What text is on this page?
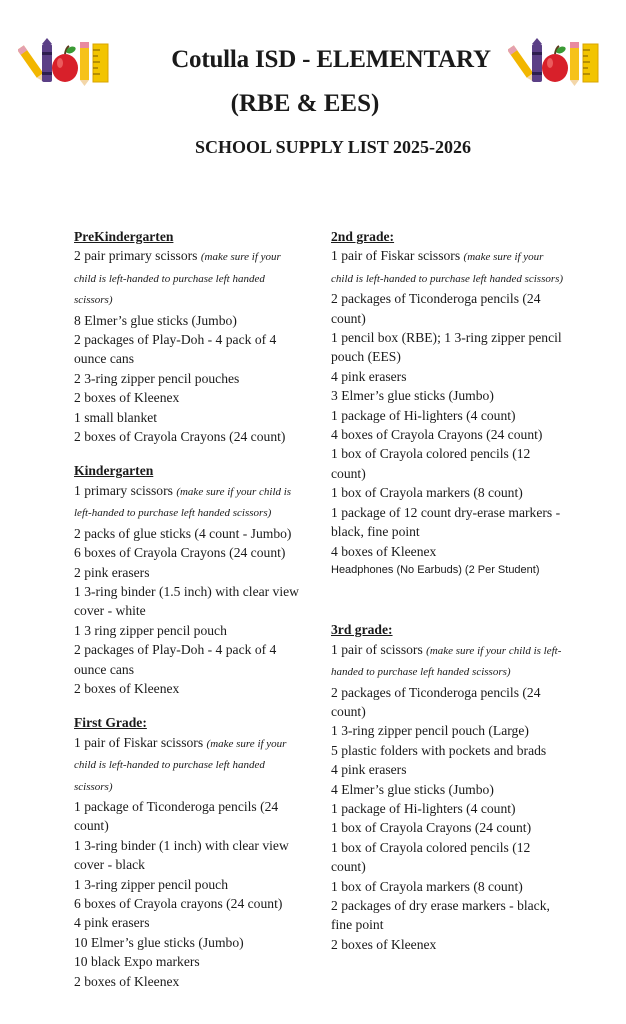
Cotulla ISD - ELEMENTARY
(RBE & EES)
SCHOOL SUPPLY LIST 2025-2026
PreKindergarten
2 pair primary scissors (make sure if your child is left-handed to purchase left handed scissors)
8 Elmer’s glue sticks (Jumbo)
2 packages of Play-Doh - 4 pack of 4 ounce cans
2 3-ring zipper pencil pouches
2 boxes of Kleenex
1 small blanket
2 boxes of Crayola Crayons (24 count)
Kindergarten
1 primary scissors (make sure if your child is left-handed to purchase left handed scissors)
2 packs of glue sticks (4 count - Jumbo)
6 boxes of Crayola Crayons (24 count)
2 pink erasers
1 3-ring binder (1.5 inch) with clear view cover - white
1 3 ring zipper pencil pouch
2 packages of Play-Doh - 4 pack of 4 ounce cans
2 boxes of Kleenex
First Grade:
1 pair of Fiskar scissors (make sure if your child is left-handed to purchase left handed scissors)
1 package of Ticonderoga pencils (24 count)
1 3-ring binder (1 inch) with clear view cover - black
1 3-ring zipper pencil pouch
6 boxes of Crayola crayons (24 count)
4 pink erasers
10 Elmer’s glue sticks (Jumbo)
10 black Expo markers
2 boxes of Kleenex
2nd grade:
1 pair of Fiskar scissors (make sure if your child is left-handed to purchase left handed scissors)
2 packages of Ticonderoga pencils (24 count)
1 pencil box (RBE); 1 3-ring zipper pencil pouch (EES)
4 pink erasers
3 Elmer’s glue sticks (Jumbo)
1 package of Hi-lighters (4 count)
4 boxes of Crayola Crayons (24 count)
1 box of Crayola colored pencils (12 count)
1 box of Crayola markers (8 count)
1 package of 12 count dry-erase markers - black, fine point
4 boxes of Kleenex
Headphones (No Earbuds) (2 Per Student)
3rd grade:
1 pair of scissors (make sure if your child is left-handed to purchase left handed scissors)
2 packages of Ticonderoga pencils (24 count)
1 3-ring zipper pencil pouch (Large)
5 plastic folders with pockets and brads
4 pink erasers
4 Elmer’s glue sticks (Jumbo)
1 package of Hi-lighters (4 count)
1 box of Crayola Crayons (24 count)
1 box of Crayola colored pencils (12 count)
1 box of Crayola markers (8 count)
2 packages of dry erase markers - black, fine point
2 boxes of Kleenex
